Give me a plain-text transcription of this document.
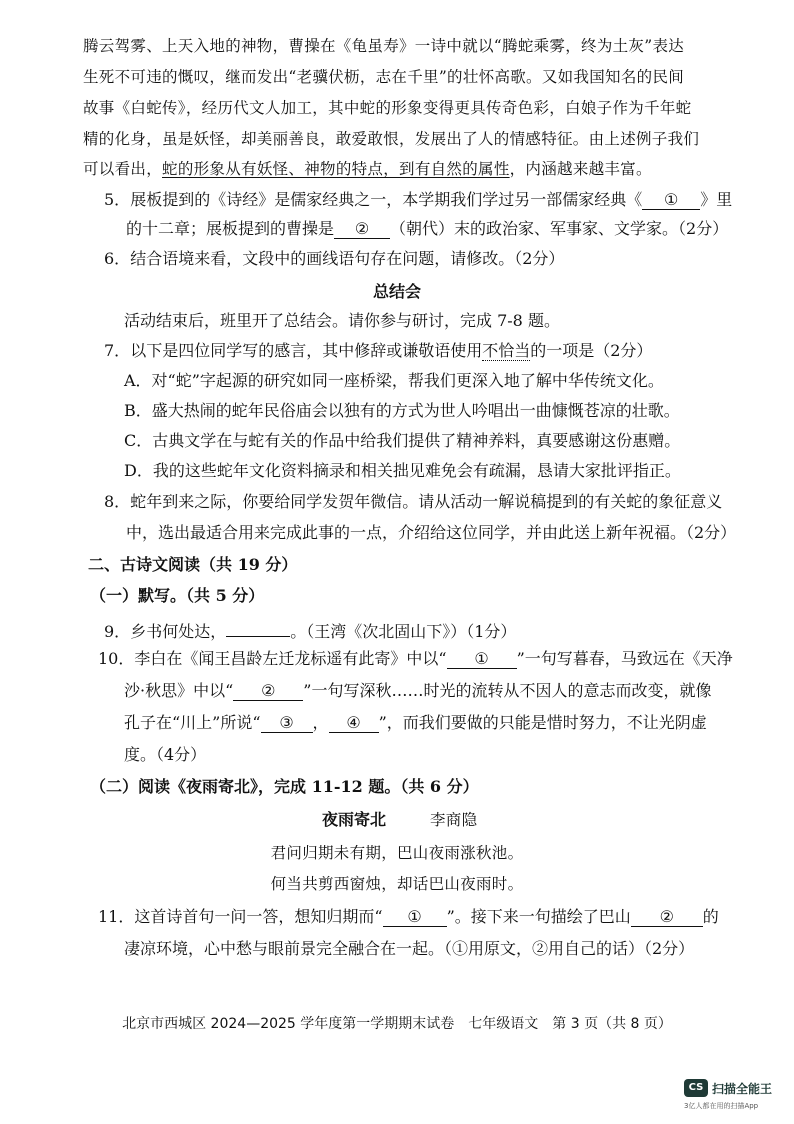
腾云驾雾、上天入地的神物，曹操在《龟虽寿》一诗中就以“腾蛇乘雾，终为土灰”表达
生死不可违的慨叹，继而发出“老骥伏枥，志在千里”的壮怀高歌。又如我国知名的民间
故事《白蛇传》，经历代文人加工，其中蛇的形象变得更具传奇色彩，白娘子作为千年蛇
精的化身，虽是妖怪，却美丽善良，敢爱敢恨，发展出了人的情感特征。由上述例子我们
可以看出，蛇的形象从有妖怪、神物的特点，到有自然的属性，内涵越来越丰富。
5．展板提到的《诗经》是儒家经典之一，本学期我们学过另一部儒家经典《 ① 》里
的十二章；展板提到的曹操是 ② （朝代）末的政治家、军事家、文学家。（2分）
6．结合语境来看，文段中的画线语句存在问题，请修改。（2分）
总结会
活动结束后，班里开了总结会。请你参与研讨，完成 7-8 题。
7．以下是四位同学写的感言，其中修辞或谦敬语使用不恰当的一项是（2分）
A．对“蛇”字起源的研究如同一座桥梁，帮我们更深入地了解中华传统文化。
B．盛大热闹的蛇年民俗庙会以独有的方式为世人吟唱出一曲慷慨苍凉的壮歌。
C．古典文学在与蛇有关的作品中给我们提供了精神养料，真要感谢这份惠赠。
D．我的这些蛇年文化资料摘录和相关拙见难免会有疏漏，恳请大家批评指正。
8．蛇年到来之际，你要给同学发贺年微信。请从活动一解说稿提到的有关蛇的象征意义
中，选出最适合用来完成此事的一点，介绍给这位同学，并由此送上新年祝福。（2分）
二、古诗文阅读（共 19 分）
（一）默写。（共 5 分）
9．乡书何处达，	。（王湾《次北固山下》）（1分）
10．李白在《闻王昌龄左迁龙标遥有此寄》中以“ ① ”一句写暮春，马致远在《天净
沙·秋思》中以“ ② ”一句写深秋……时光的流转从不因人的意志而改变，就像
孔子在“川上”所说“ ③ ， ④ ”，而我们要做的只能是惜时努力，不让光阴虚
度。（4分）
（二）阅读《夜雨寄北》，完成 11-12 题。（共 6 分）
夜雨寄北	李商隐
君问归期未有期，巴山夜雨涨秋池。
何当共剪西窗烛，却话巴山夜雨时。
11．这首诗首句一问一答，想知归期而“ ① ”。接下来一句描绘了巴山 ② 的
凄凉环境，心中愁与眼前景完全融合在一起。（①用原文，②用自己的话）（2分）
北京市西城区 2024—2025 学年度第一学期期末试卷　七年级语文　第 3 页（共 8 页）
CS 扫描全能王
3亿人都在用的扫描App
